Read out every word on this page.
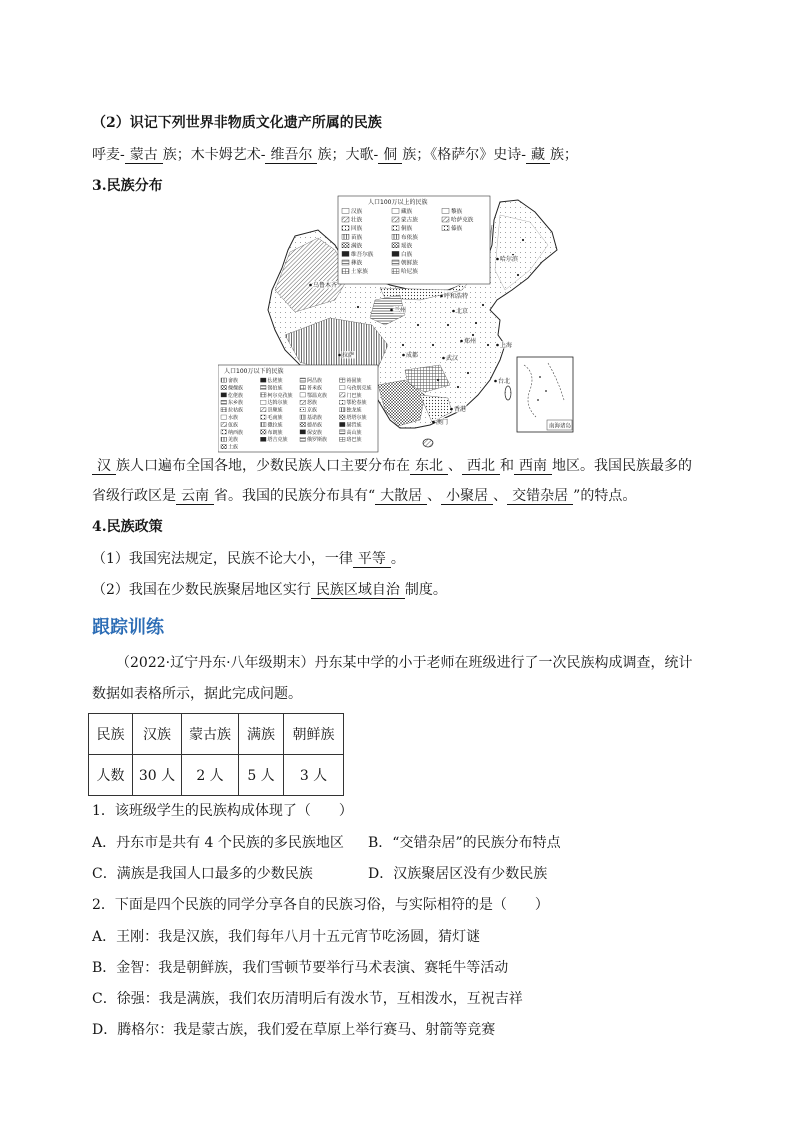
（2）识记下列世界非物质文化遗产所属的民族
呼麦- 蒙古 族；木卡姆艺术- 维吾尔 族；大歌- 侗 族；《格萨尔》史诗- 藏 族；
3.民族分布
乌鲁木齐
哈尔滨
呼和浩特
北京
兰州
郑州
拉萨	成都	武汉
上海
台北
香港
澳门
人口100万以上的民族
汉族
壮族
回族
苗族
满族
维吾尔族
彝族
土家族
藏族
蒙古族
侗族
布依族
瑶族
白族
朝鲜族
哈尼族
黎族
哈萨克族
傣族
人口100万以下的民族
畲族
傈僳族
仡佬族
东乡族
拉祜族
水族
佤族
纳西族
羌族
土族
仫佬族
锡伯族
柯尔克孜族
达斡尔族
景颇族
毛南族
撒拉族
布朗族
塔吉克族
阿昌族
普米族
鄂温克族
怒族
京族
基诺族
德昂族
保安族
俄罗斯族
裕固族
乌孜别克族
门巴族
鄂伦春族
独龙族
塔塔尔族
赫哲族
高山族
珞巴族
南海诸岛
汉 族人口遍布全国各地，少数民族人口主要分布在 东北 、 西北 和 西南 地区。我国民族最多的
省级行政区是 云南 省。我国的民族分布具有“ 大散居 、 小聚居 、 交错杂居 ”的特点。
4.民族政策
（1）我国宪法规定，民族不论大小，一律 平等 。
（2）我国在少数民族聚居地区实行 民族区域自治 制度。
跟踪训练
（2022·辽宁丹东·八年级期末）丹东某中学的小于老师在班级进行了一次民族构成调查，统计
数据如表格所示，据此完成问题。
民族	汉族	蒙古族	满族	朝鲜族
人数	30 人	2 人	5 人	3 人
1．该班级学生的民族构成体现了（　　）
A．丹东市是共有 4 个民族的多民族地区 B．“交错杂居”的民族分布特点
C．满族是我国人口最多的少数民族	D．汉族聚居区没有少数民族
2．下面是四个民族的同学分享各自的民族习俗，与实际相符的是（　　）
A．王刚：我是汉族，我们每年八月十五元宵节吃汤圆，猜灯谜
B．金智：我是朝鲜族，我们雪顿节要举行马术表演、赛牦牛等活动
C．徐强：我是满族，我们农历清明后有泼水节，互相泼水，互祝吉祥
D．腾格尔：我是蒙古族，我们爱在草原上举行赛马、射箭等竞赛
